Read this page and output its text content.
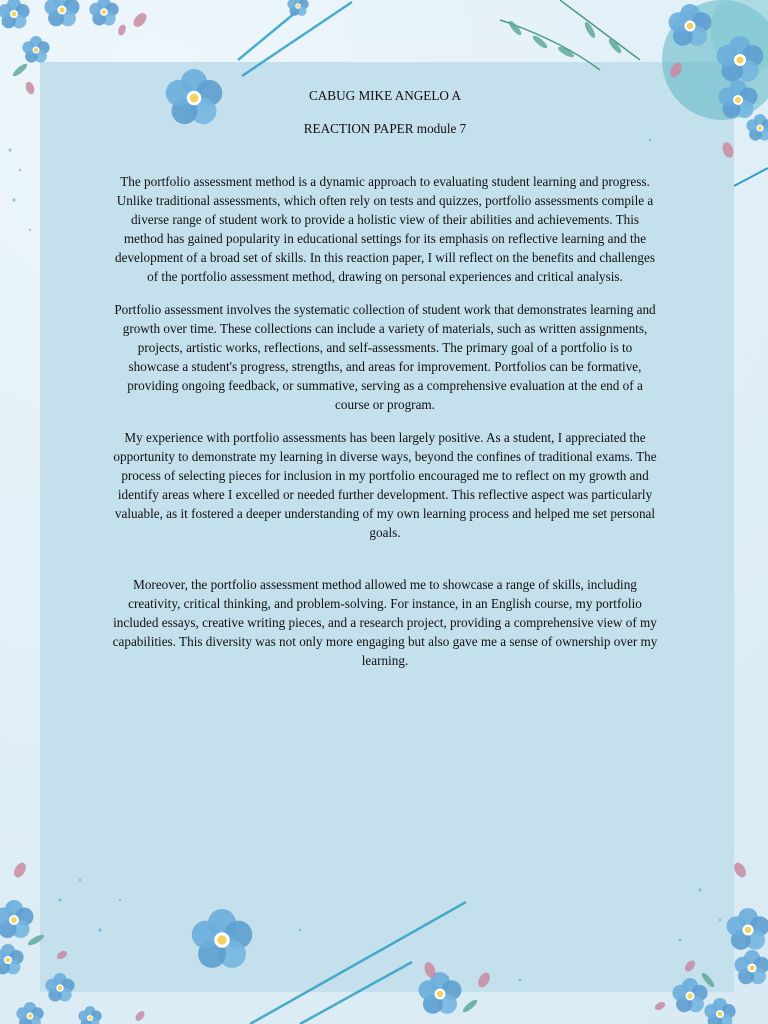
CABUG MIKE ANGELO A

REACTION PAPER module 7

The portfolio assessment method is a dynamic approach to evaluating student learning and progress. Unlike traditional assessments, which often rely on tests and quizzes, portfolio assessments compile a diverse range of student work to provide a holistic view of their abilities and achievements. This method has gained popularity in educational settings for its emphasis on reflective learning and the development of a broad set of skills. In this reaction paper, I will reflect on the benefits and challenges of the portfolio assessment method, drawing on personal experiences and critical analysis.

Portfolio assessment involves the systematic collection of student work that demonstrates learning and growth over time. These collections can include a variety of materials, such as written assignments, projects, artistic works, reflections, and self-assessments. The primary goal of a portfolio is to showcase a student's progress, strengths, and areas for improvement. Portfolios can be formative, providing ongoing feedback, or summative, serving as a comprehensive evaluation at the end of a course or program.

My experience with portfolio assessments has been largely positive. As a student, I appreciated the opportunity to demonstrate my learning in diverse ways, beyond the confines of traditional exams. The process of selecting pieces for inclusion in my portfolio encouraged me to reflect on my growth and identify areas where I excelled or needed further development. This reflective aspect was particularly valuable, as it fostered a deeper understanding of my own learning process and helped me set personal goals.

Moreover, the portfolio assessment method allowed me to showcase a range of skills, including creativity, critical thinking, and problem-solving. For instance, in an English course, my portfolio included essays, creative writing pieces, and a research project, providing a comprehensive view of my capabilities. This diversity was not only more engaging but also gave me a sense of ownership over my learning.
